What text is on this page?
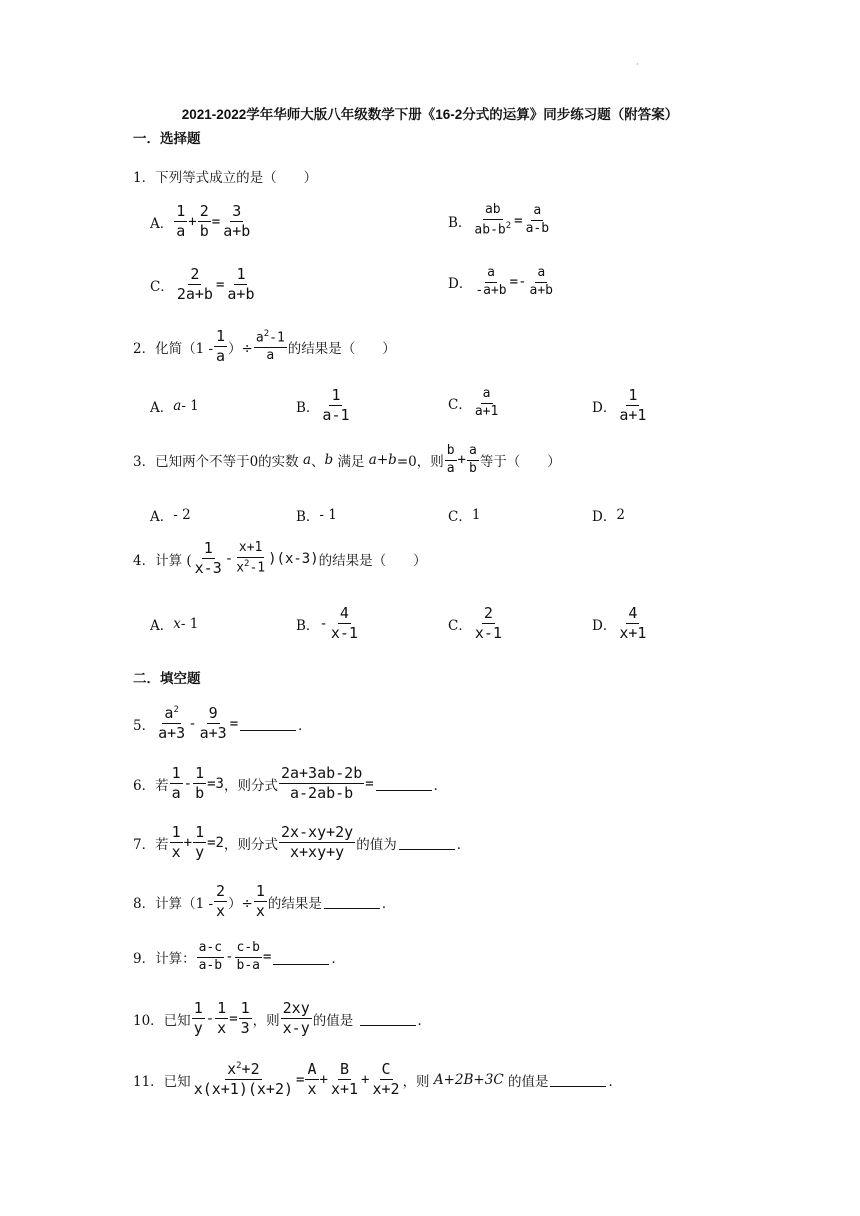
·
2021-2022学年华师大版八年级数学下册《16-2分式的运算》同步练习题（附答案）
一．选择题
1．下列等式成立的是（　　）
A． $\frac{1}{a} + \frac{2}{b} = \frac{3}{a+b}$	B． $\frac{ab}{ab-b^2} = \frac{a}{a-b}$
C． $\frac{2}{2a+b} = \frac{1}{a+b}$	D． $\frac{a}{-a+b} =- \frac{a}{a+b}$
2．化简（$1 - \frac{1}{a}$ ）÷ $\frac{a^2-1}{a}$ 的结果是（　　）
A． a - 1	B． $\frac{1}{a-1}$	C． $\frac{a}{a+1}$	D． $\frac{1}{a+1}$
3．已知两个不等于0的实数
a 、 b
满足
a+b =0，则 $\frac{b}{a} + \frac{a}{b}$ 等于（　　）
A． - 2	B． - 1	C． 1	D． 2
4．计算 ( $\frac{1}{x-3} - \frac{x+1}{x^2-1} )(x-3)$ 的结果是（　　）
A． x - 1	B． - $\frac{4}{x-1}$	C． $\frac{2}{x-1}$	D． $\frac{4}{x+1}$
二．填空题
5． $\frac{a^2}{a+3} - \frac{9}{a+3}$ =	．
6．若 $\frac{1}{a} - \frac{1}{b} =3$ ，则分式 $\frac{2a+3ab-2b}{a-2ab-b}$ =	．
7．若 $\frac{1}{x} + \frac{1}{y} =2$ ，则分式 $\frac{2x-xy+2y}{x+xy+y}$ 的值为	．
8．计算（$1 - \frac{2}{x}$ ）÷ $\frac{1}{x}$ 的结果是	．
9．计算： $\frac{a-c}{a-b} - \frac{c-b}{b-a}$ =	．
10．已知 $\frac{1}{y} - \frac{1}{x} = \frac{1}{3}$ ，则 $\frac{2xy}{x-y}$ 的值是
	．
11．已知 $\frac{x^2+2}{x(x+1)(x+2)} = \frac{A}{x} + \frac{B}{x+1} + \frac{C}{x+2}$ ，则
A+2B+3C
的值是	．
